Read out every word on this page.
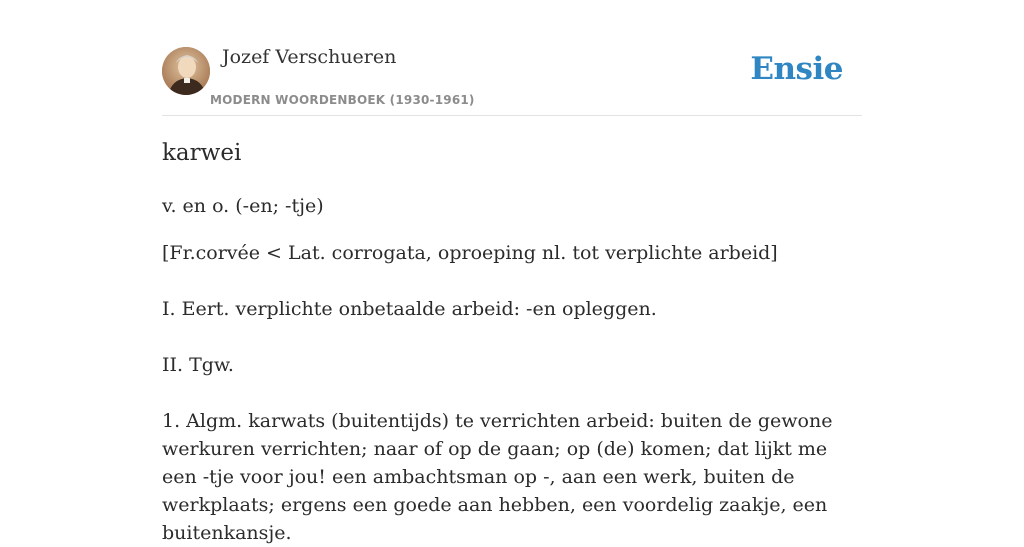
Jozef Verschueren
MODERN WOORDENBOEK (1930-1961)
Ensie
karwei
v. en o. (-en; -tje)
[Fr.corvée < Lat. corrogata, oproeping nl. tot verplichte arbeid]
I. Eert. verplichte onbetaalde arbeid: -en opleggen.
II. Tgw.
1. Algm. karwats (buitentijds) te verrichten arbeid: buiten de gewone werkuren verrichten; naar of op de gaan; op (de) komen; dat lijkt me een -tje voor jou! een ambachtsman op -, aan een werk, buiten de werkplaats; ergens een goede aan hebben, een voordelig zaakje, een buitenkansje.
